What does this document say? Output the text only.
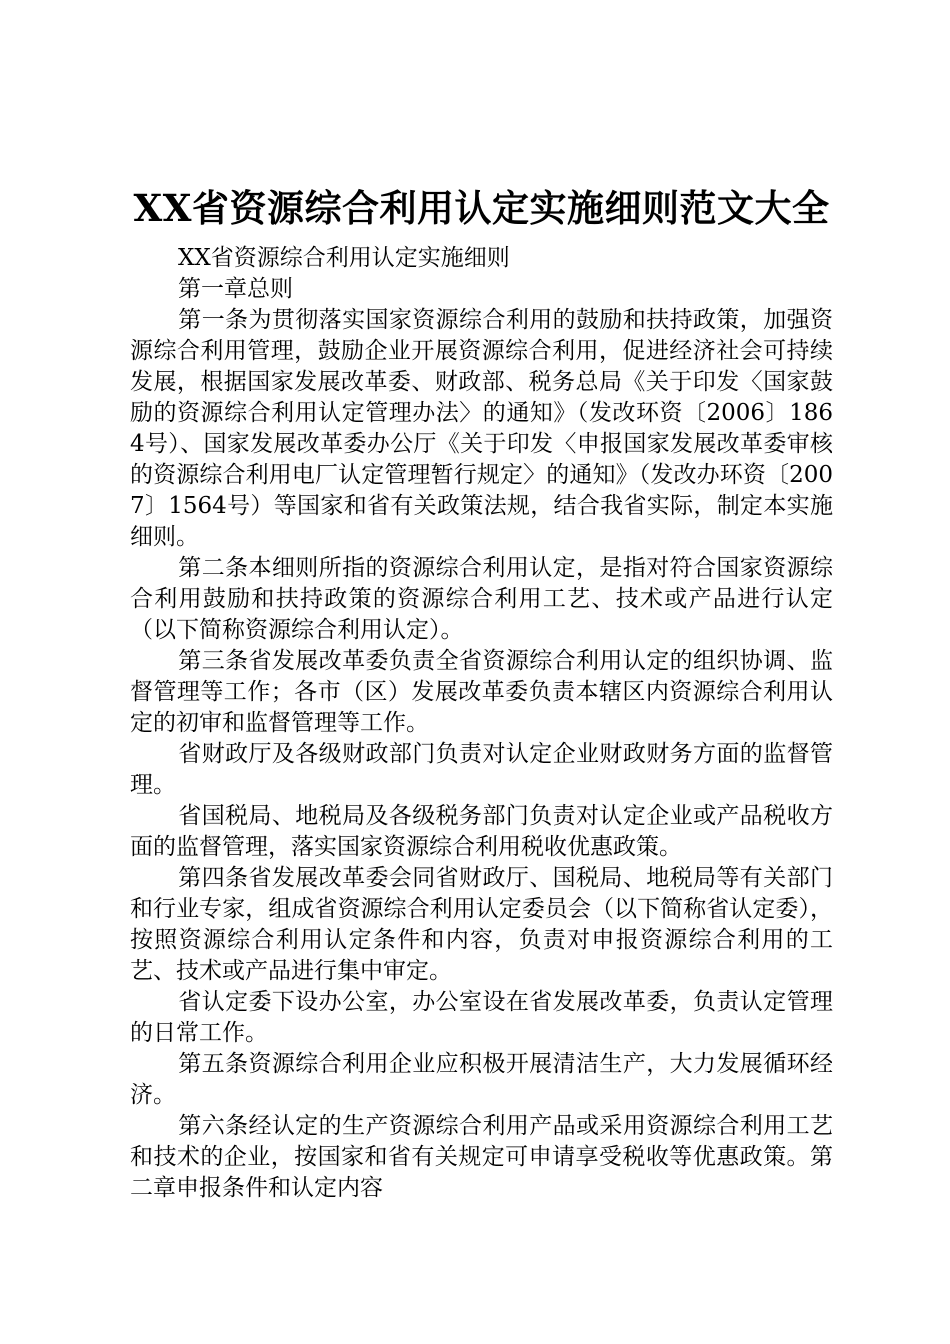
XX省资源综合利用认定实施细则范文大全

XX省资源综合利用认定实施细则

第一章总则

第一条为贯彻落实国家资源综合利用的鼓励和扶持政策，加强资源综合利用管理，鼓励企业开展资源综合利用，促进经济社会可持续发展，根据国家发展改革委、财政部、税务总局《关于印发〈国家鼓励的资源综合利用认定管理办法〉的通知》（发改环资〔2006〕1864号）、国家发展改革委办公厅《关于印发〈申报国家发展改革委审核的资源综合利用电厂认定管理暂行规定〉的通知》（发改办环资〔2007〕1564号）等国家和省有关政策法规，结合我省实际，制定本实施细则。

第二条本细则所指的资源综合利用认定，是指对符合国家资源综合利用鼓励和扶持政策的资源综合利用工艺、技术或产品进行认定（以下简称资源综合利用认定）。

第三条省发展改革委负责全省资源综合利用认定的组织协调、监督管理等工作；各市（区）发展改革委负责本辖区内资源综合利用认定的初审和监督管理等工作。

省财政厅及各级财政部门负责对认定企业财政财务方面的监督管理。

省国税局、地税局及各级税务部门负责对认定企业或产品税收方面的监督管理，落实国家资源综合利用税收优惠政策。

第四条省发展改革委会同省财政厅、国税局、地税局等有关部门和行业专家，组成省资源综合利用认定委员会（以下简称省认定委），按照资源综合利用认定条件和内容，负责对申报资源综合利用的工艺、技术或产品进行集中审定。

省认定委下设办公室，办公室设在省发展改革委，负责认定管理的日常工作。

第五条资源综合利用企业应积极开展清洁生产，大力发展循环经济。

第六条经认定的生产资源综合利用产品或采用资源综合利用工艺和技术的企业，按国家和省有关规定可申请享受税收等优惠政策。第二章申报条件和认定内容
